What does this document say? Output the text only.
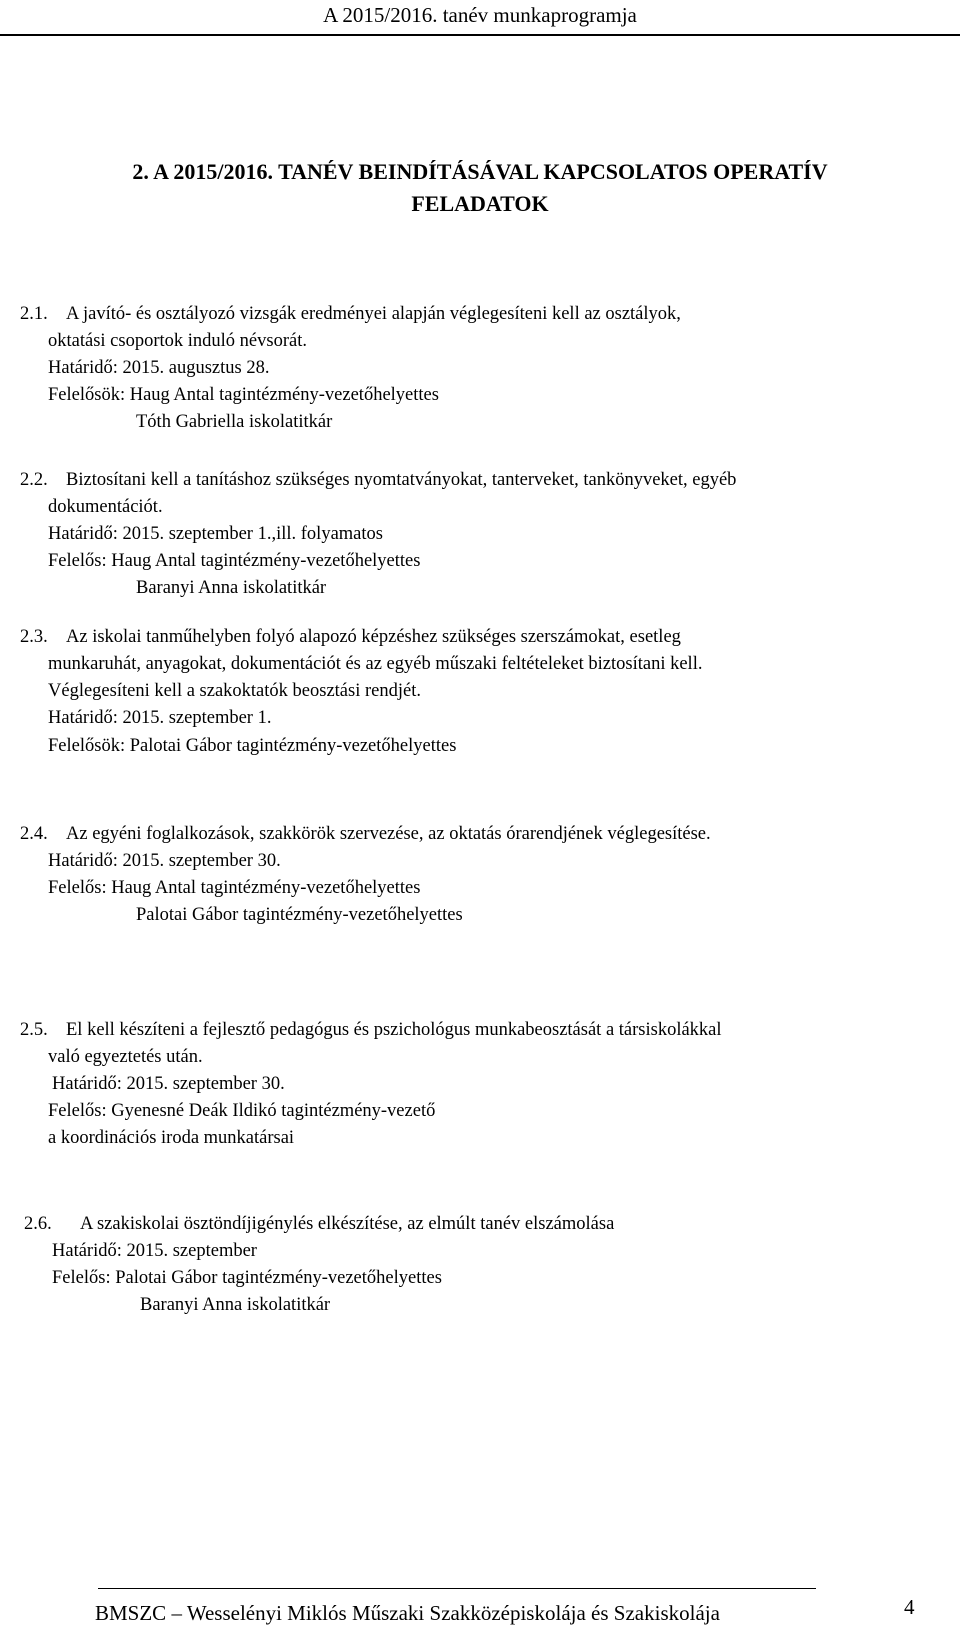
A 2015/2016. tanév munkaprogramja
2. A 2015/2016. TANÉV BEINDÍTÁSÁVAL KAPCSOLATOS OPERATÍV
FELADATOK
2.1. A javító- és osztályozó vizsgák eredményei alapján véglegesíteni kell az osztályok,
oktatási csoportok induló névsorát.
Határidő: 2015. augusztus 28.
Felelősök: Haug Antal tagintézmény-vezetőhelyettes
Tóth Gabriella iskolatitkár
2.2. Biztosítani kell a tanításhoz szükséges nyomtatványokat, tanterveket, tankönyveket, egyéb
dokumentációt.
Határidő: 2015. szeptember 1.,ill. folyamatos
Felelős: Haug Antal tagintézmény-vezetőhelyettes
Baranyi Anna iskolatitkár
2.3. Az iskolai tanműhelyben folyó alapozó képzéshez szükséges szerszámokat, esetleg
munkaruhát, anyagokat, dokumentációt és az egyéb műszaki feltételeket biztosítani kell.
Véglegesíteni kell a szakoktatók beosztási rendjét.
Határidő: 2015. szeptember 1.
Felelősök: Palotai Gábor tagintézmény-vezetőhelyettes
2.4. Az egyéni foglalkozások, szakkörök szervezése, az oktatás órarendjének véglegesítése.
Határidő: 2015. szeptember 30.
Felelős: Haug Antal tagintézmény-vezetőhelyettes
Palotai Gábor tagintézmény-vezetőhelyettes
2.5. El kell készíteni a fejlesztő pedagógus és pszichológus munkabeosztását a társiskolákkal
való egyeztetés után.
Határidő: 2015. szeptember 30.
Felelős: Gyenesné Deák Ildikó tagintézmény-vezető
a koordinációs iroda munkatársai
2.6. A szakiskolai ösztöndíjigénylés elkészítése, az elmúlt tanév elszámolása
Határidő: 2015. szeptember
Felelős: Palotai Gábor tagintézmény-vezetőhelyettes
Baranyi Anna iskolatitkár
BMSZC – Wesselényi Miklós Műszaki Szakközépiskolája és Szakiskolája	4
